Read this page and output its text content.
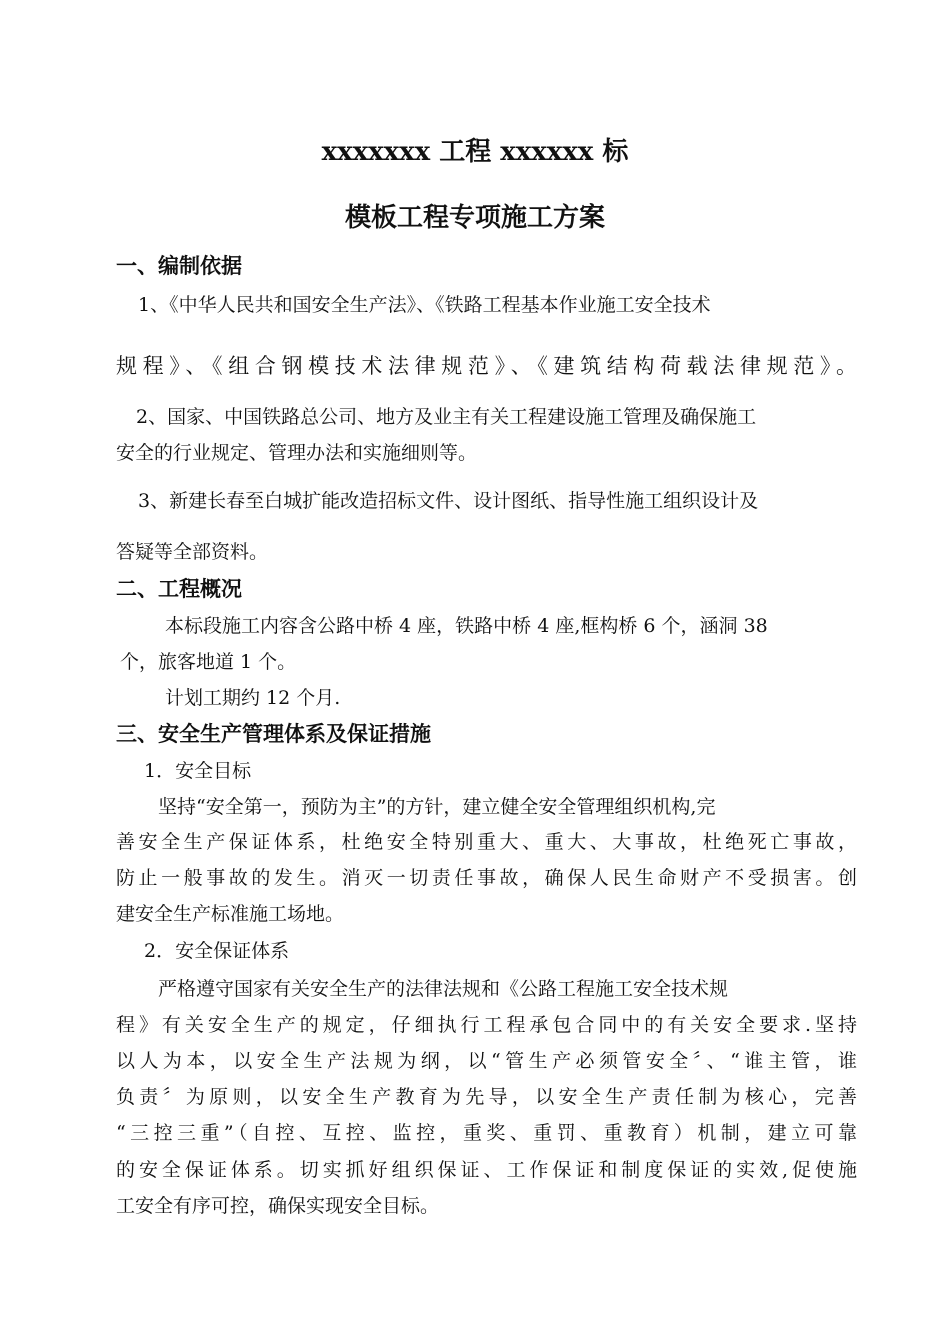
xxxxxxx 工程 xxxxxx 标
模板工程专项施工方案
一、编制依据
1、《中华人民共和国安全生产法》、《铁路工程基本作业施工安全技术
规程》、《组合钢模技术法律规范》、《建筑结构荷载法律规范》。
2、国家、中国铁路总公司、地方及业主有关工程建设施工管理及确保施工
安全的行业规定、管理办法和实施细则等。
3、新建长春至白城扩能改造招标文件、设计图纸、指导性施工组织设计及
答疑等全部资料。
二、工程概况
本标段施工内容含公路中桥 4 座，铁路中桥 4 座,框构桥 6 个，涵洞 38
个，旅客地道 1 个。
计划工期约 12 个月.
三、安全生产管理体系及保证措施
1．安全目标
坚持“安全第一，预防为主”的方针，建立健全安全管理组织机构,完
善安全生产保证体系，杜绝安全特别重大、重大、大事故，杜绝死亡事故，
防止一般事故的发生。消灭一切责任事故，确保人民生命财产不受损害。创
建安全生产标准施工场地。
2．安全保证体系
严格遵守国家有关安全生产的法律法规和《公路工程施工安全技术规
程》有关安全生产的规定，仔细执行工程承包合同中的有关安全要求.坚持
以人为本，以安全生产法规为纲，以“管生产必须管安全〞、“谁主管，谁
负责〞为原则，以安全生产教育为先导，以安全生产责任制为核心，完善
“三控三重”（自控、互控、监控，重奖、重罚、重教育）机制，建立可靠
的安全保证体系。切实抓好组织保证、工作保证和制度保证的实效,促使施
工安全有序可控，确保实现安全目标。
